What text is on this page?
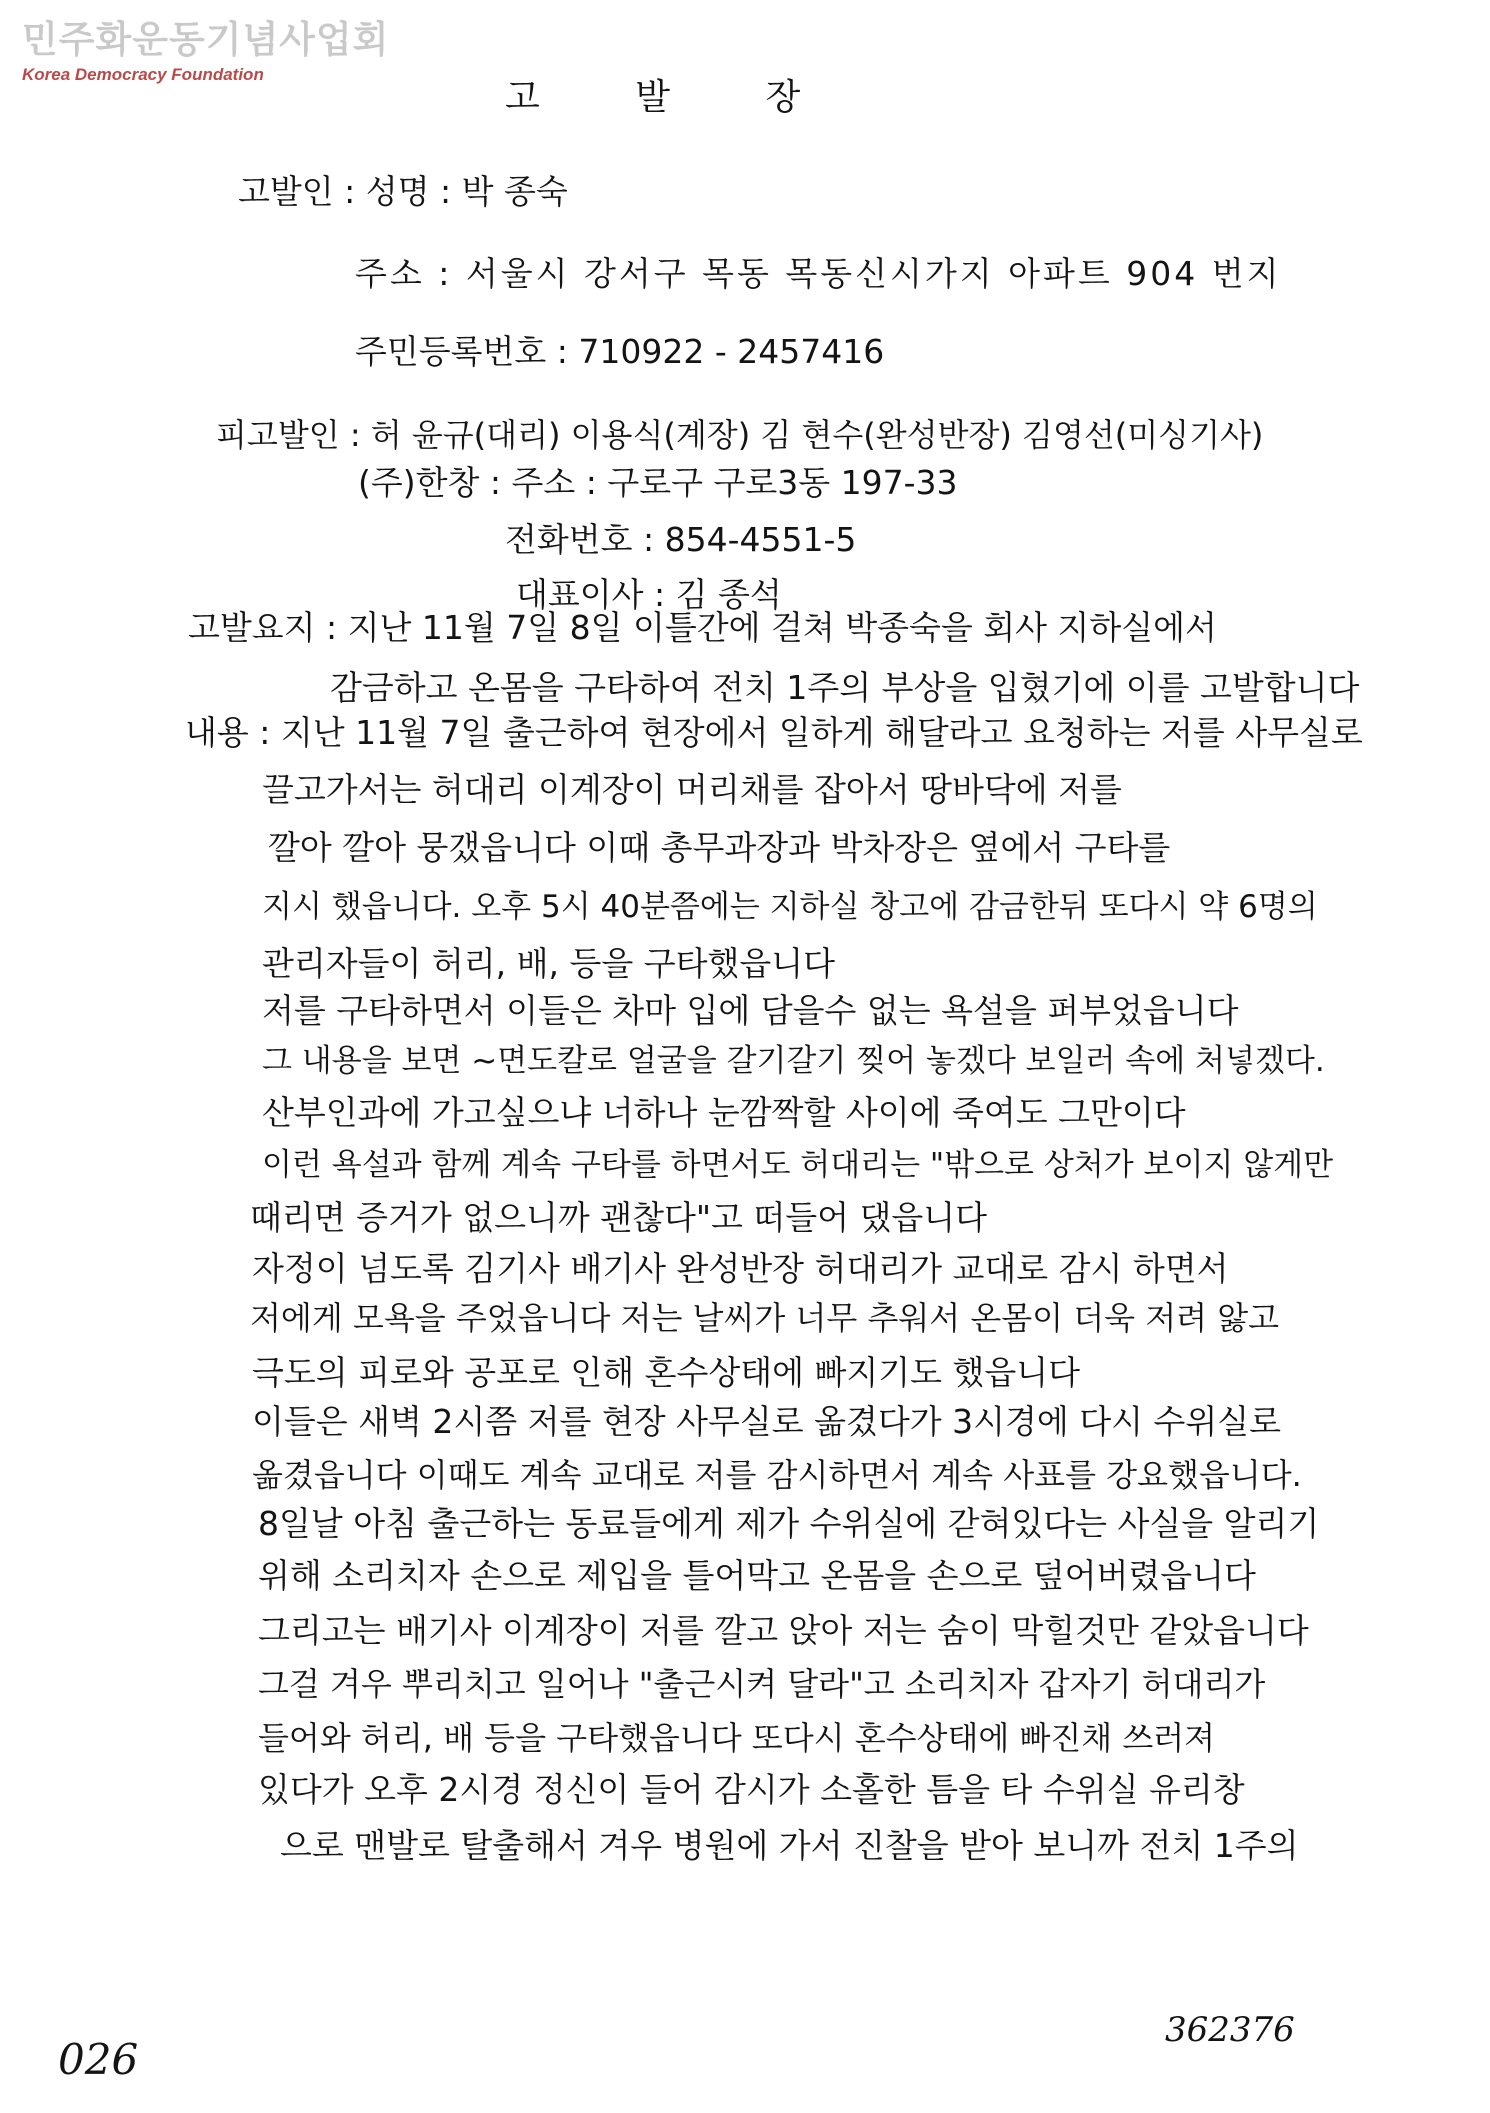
민주화운동기념사업회
Korea Democracy Foundation
고 발 장
고발인 : 성명 : 박 종숙
주소 : 서울시 강서구 목동 목동신시가지 아파트 904 번지
주민등록번호 : 710922 - 2457416
피고발인 : 허 윤규(대리) 이용식(계장) 김 현수(완성반장) 김영선(미싱기사)
(주)한창 : 주소 : 구로구 구로3동 197-33
전화번호 : 854-4551-5
대표이사 : 김 종석
고발요지 : 지난 11월 7일 8일 이틀간에 걸쳐 박종숙을 회사 지하실에서
감금하고 온몸을 구타하여 전치 1주의 부상을 입혔기에 이를 고발합니다
내용 : 지난 11월 7일 출근하여 현장에서 일하게 해달라고 요청하는 저를 사무실로
끌고가서는 허대리 이계장이 머리채를 잡아서 땅바닥에 저를
깔아 깔아 뭉갰읍니다 이때 총무과장과 박차장은 옆에서 구타를
지시 했읍니다. 오후 5시 40분쯤에는 지하실 창고에 감금한뒤 또다시 약 6명의
관리자들이 허리, 배, 등을 구타했읍니다
저를 구타하면서 이들은 차마 입에 담을수 없는 욕설을 퍼부었읍니다
그 내용을 보면 ~면도칼로 얼굴을 갈기갈기 찢어 놓겠다 보일러 속에 처넣겠다.
산부인과에 가고싶으냐 너하나 눈깜짝할 사이에 죽여도 그만이다
이런 욕설과 함께 계속 구타를 하면서도 허대리는 "밖으로 상처가 보이지 않게만
때리면 증거가 없으니까 괜찮다"고 떠들어 댔읍니다
자정이 넘도록 김기사 배기사 완성반장 허대리가 교대로 감시 하면서
저에게 모욕을 주었읍니다 저는 날씨가 너무 추워서 온몸이 더욱 저려 앓고
극도의 피로와 공포로 인해 혼수상태에 빠지기도 했읍니다
이들은 새벽 2시쯤 저를 현장 사무실로 옮겼다가 3시경에 다시 수위실로
옮겼읍니다 이때도 계속 교대로 저를 감시하면서 계속 사표를 강요했읍니다.
8일날 아침 출근하는 동료들에게 제가 수위실에 갇혀있다는 사실을 알리기
위해 소리치자 손으로 제입을 틀어막고 온몸을 손으로 덮어버렸읍니다
그리고는 배기사 이계장이 저를 깔고 앉아 저는 숨이 막힐것만 같았읍니다
그걸 겨우 뿌리치고 일어나 "출근시켜 달라"고 소리치자 갑자기 허대리가
들어와 허리, 배 등을 구타했읍니다 또다시 혼수상태에 빠진채 쓰러져
있다가 오후 2시경 정신이 들어 감시가 소홀한 틈을 타 수위실 유리창
으로 맨발로 탈출해서 겨우 병원에 가서 진찰을 받아 보니까 전치 1주의
026
362376
